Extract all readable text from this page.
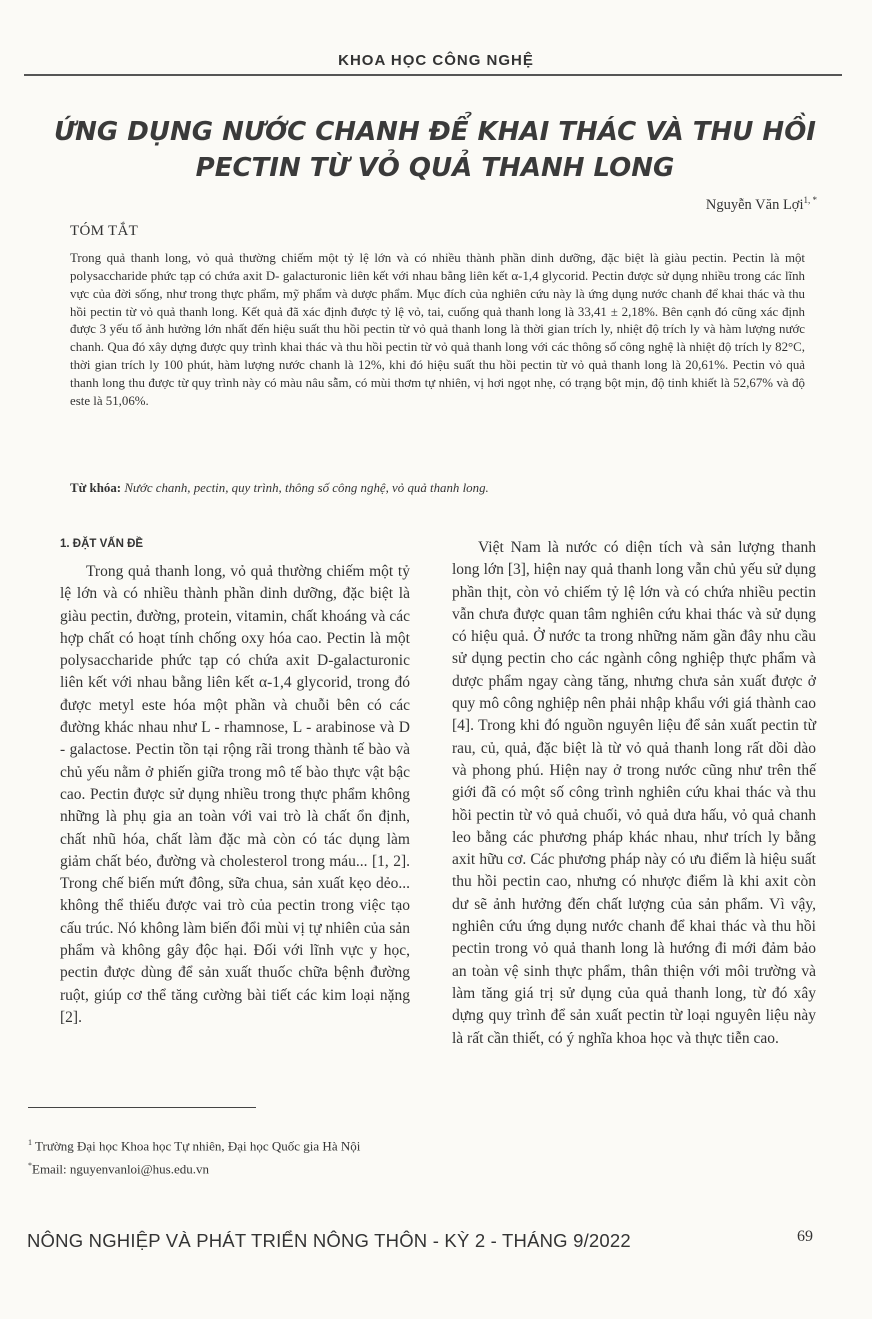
KHOA HỌC CÔNG NGHỆ
ỨNG DỤNG NƯỚC CHANH ĐỂ KHAI THÁC VÀ THU HỒI
PECTIN TỪ VỎ QUẢ THANH LONG
Nguyễn Văn Lợi$^{1, *}$
TÓM TẮT
Trong quả thanh long, vỏ quả thường chiếm một tỷ lệ lớn và có nhiều thành phần dinh dưỡng, đặc biệt là giàu pectin. Pectin là một polysaccharide phức tạp có chứa axit D- galacturonic liên kết với nhau bằng liên kết α-1,4 glycorid. Pectin được sử dụng nhiều trong các lĩnh vực của đời sống, như trong thực phẩm, mỹ phẩm và dược phẩm. Mục đích của nghiên cứu này là ứng dụng nước chanh để khai thác và thu hồi pectin từ vỏ quả thanh long. Kết quả đã xác định được tỷ lệ vỏ, tai, cuống quả thanh long là 33,41 ± 2,18%. Bên cạnh đó cũng xác định được 3 yếu tố ảnh hưởng lớn nhất đến hiệu suất thu hồi pectin từ vỏ quả thanh long là thời gian trích ly, nhiệt độ trích ly và hàm lượng nước chanh. Qua đó xây dựng được quy trình khai thác và thu hồi pectin từ vỏ quả thanh long với các thông số công nghệ là nhiệt độ trích ly 82°C, thời gian trích ly 100 phút, hàm lượng nước chanh là 12%, khi đó hiệu suất thu hồi pectin từ vỏ quả thanh long là 20,61%. Pectin vỏ quả thanh long thu được từ quy trình này có màu nâu sẫm, có mùi thơm tự nhiên, vị hơi ngọt nhẹ, có trạng bột mịn, độ tinh khiết là 52,67% và độ este là 51,06%.
Từ khóa: Nước chanh, pectin, quy trình, thông số công nghệ, vỏ quả thanh long.
1. ĐẶT VẤN ĐỀ

Trong quả thanh long, vỏ quả thường chiếm một tỷ lệ lớn và có nhiều thành phần dinh dưỡng, đặc biệt là giàu pectin, đường, protein, vitamin, chất khoáng và các hợp chất có hoạt tính chống oxy hóa cao. Pectin là một polysaccharide phức tạp có chứa axit D-galacturonic liên kết với nhau bằng liên kết α-1,4 glycorid, trong đó được metyl este hóa một phần và chuỗi bên có các đường khác nhau như L - rhamnose, L - arabinose và D - galactose. Pectin tồn tại rộng rãi trong thành tế bào và chủ yếu nằm ở phiến giữa trong mô tế bào thực vật bậc cao. Pectin được sử dụng nhiều trong thực phẩm không những là phụ gia an toàn với vai trò là chất ổn định, chất nhũ hóa, chất làm đặc mà còn có tác dụng làm giảm chất béo, đường và cholesterol trong máu... [1, 2]. Trong chế biến mứt đông, sữa chua, sản xuất kẹo dẻo... không thể thiếu được vai trò của pectin trong việc tạo cấu trúc. Nó không làm biến đổi mùi vị tự nhiên của sản phẩm và không gây độc hại. Đối với lĩnh vực y học, pectin được dùng để sản xuất thuốc chữa bệnh đường ruột, giúp cơ thể tăng cường bài tiết các kim loại nặng [2].

Việt Nam là nước có diện tích và sản lượng thanh long lớn [3], hiện nay quả thanh long vẫn chủ yếu sử dụng phần thịt, còn vỏ chiếm tỷ lệ lớn và có chứa nhiều pectin vẫn chưa được quan tâm nghiên cứu khai thác và sử dụng có hiệu quả. Ở nước ta trong những năm gần đây nhu cầu sử dụng pectin cho các ngành công nghiệp thực phẩm và dược phẩm ngay càng tăng, nhưng chưa sản xuất được ở quy mô công nghiệp nên phải nhập khẩu với giá thành cao [4]. Trong khi đó nguồn nguyên liệu để sản xuất pectin từ rau, củ, quả, đặc biệt là từ vỏ quả thanh long rất dồi dào và phong phú. Hiện nay ở trong nước cũng như trên thế giới đã có một số công trình nghiên cứu khai thác và thu hồi pectin từ vỏ quả chuối, vỏ quả dưa hấu, vỏ quả chanh leo bằng các phương pháp khác nhau, như trích ly bằng axit hữu cơ. Các phương pháp này có ưu điểm là hiệu suất thu hồi pectin cao, nhưng có nhược điểm là khi axit còn dư sẽ ảnh hưởng đến chất lượng của sản phẩm. Vì vậy, nghiên cứu ứng dụng nước chanh để khai thác và thu hồi pectin trong vỏ quả thanh long là hướng đi mới đảm bảo an toàn vệ sinh thực phẩm, thân thiện với môi trường và làm tăng giá trị sử dụng của quả thanh long, từ đó xây dựng quy trình để sản xuất pectin từ loại nguyên liệu này là rất cần thiết, có ý nghĩa khoa học và thực tiễn cao.

$^1$ Trường Đại học Khoa học Tự nhiên, Đại học Quốc gia Hà Nội

*Email: nguyenvanloi@hus.edu.vn

NÔNG NGHIỆP VÀ PHÁT TRIỂN NÔNG THÔN - KỲ 2 - THÁNG 9/2022	69
